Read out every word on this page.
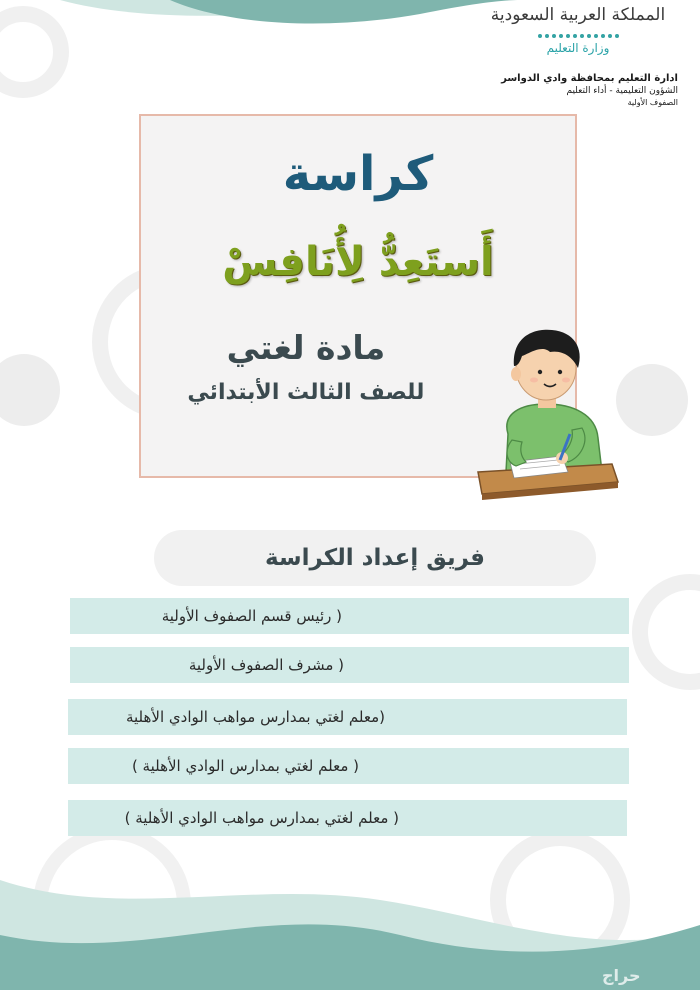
المملكة العربية السعودية
وزارة التعليم
ادارة التعليم بمحافظة وادي الدواسر
الشؤون التعليمية - أداء التعليم
الصفوف الأولية
كراسة
أَستَعِدُّ لِأُنَافِسْ
مادة لغتي
للصف الثالث الأبتدائي
فريق إعداد الكراسة
( رئيس قسم الصفوف الأولية
( مشرف الصفوف الأولية
(معلم لغتي بمدارس مواهب الوادي الأهلية
( معلم لغتي بمدارس الوادي الأهلية )
( معلم لغتي بمدارس مواهب الوادي الأهلية )
حراج
